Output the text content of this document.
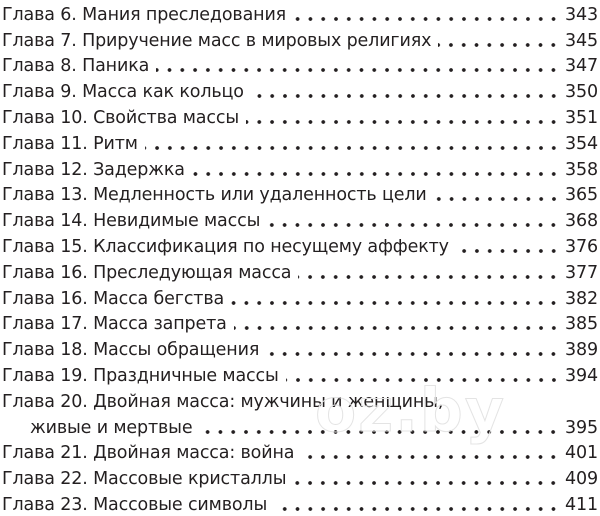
Глава 6. Мания преследования	343
Глава 7. Приручение масс в мировых религиях	345
Глава 8. Паника	347
Глава 9. Масса как кольцо	350
Глава 10. Свойства массы	351
Глава 11. Ритм	354
Глава 12. Задержка	358
Глава 13. Медленность или удаленность цели	365
Глава 14. Невидимые массы	368
Глава 15. Классификация по несущему аффекту	376
Глава 16. Преследующая масса	377
Глава 16. Масса бегства	382
Глава 17. Масса запрета	385
Глава 18. Массы обращения	389
Глава 19. Праздничные массы	394
Глава 20. Двойная масса: мужчины и женщины,
живые и мертвые	395
Глава 21. Двойная масса: война	401
Глава 22. Массовые кристаллы	409
Глава 23. Массовые символы	411
